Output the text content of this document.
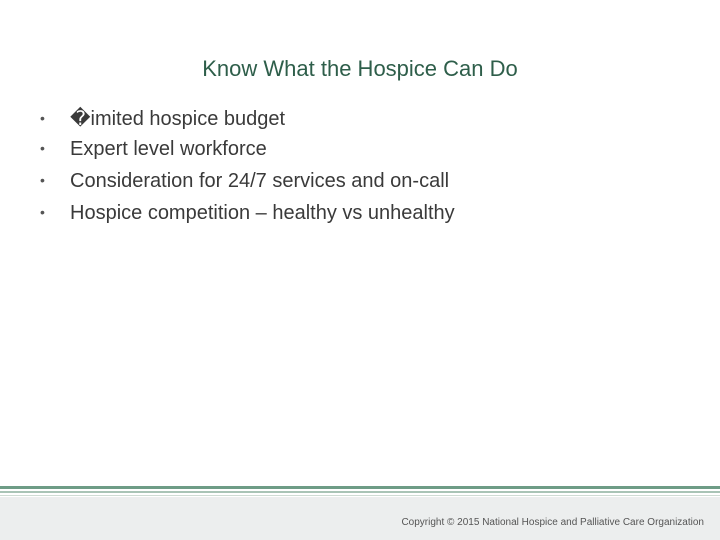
Know What the Hospice Can Do
•	�imited hospice budget
•	Expert level workforce
•	Consideration for 24/7 services and on-call
•	Hospice competition – healthy vs unhealthy
Copyright © 2015 National Hospice and Palliative Care Organization
